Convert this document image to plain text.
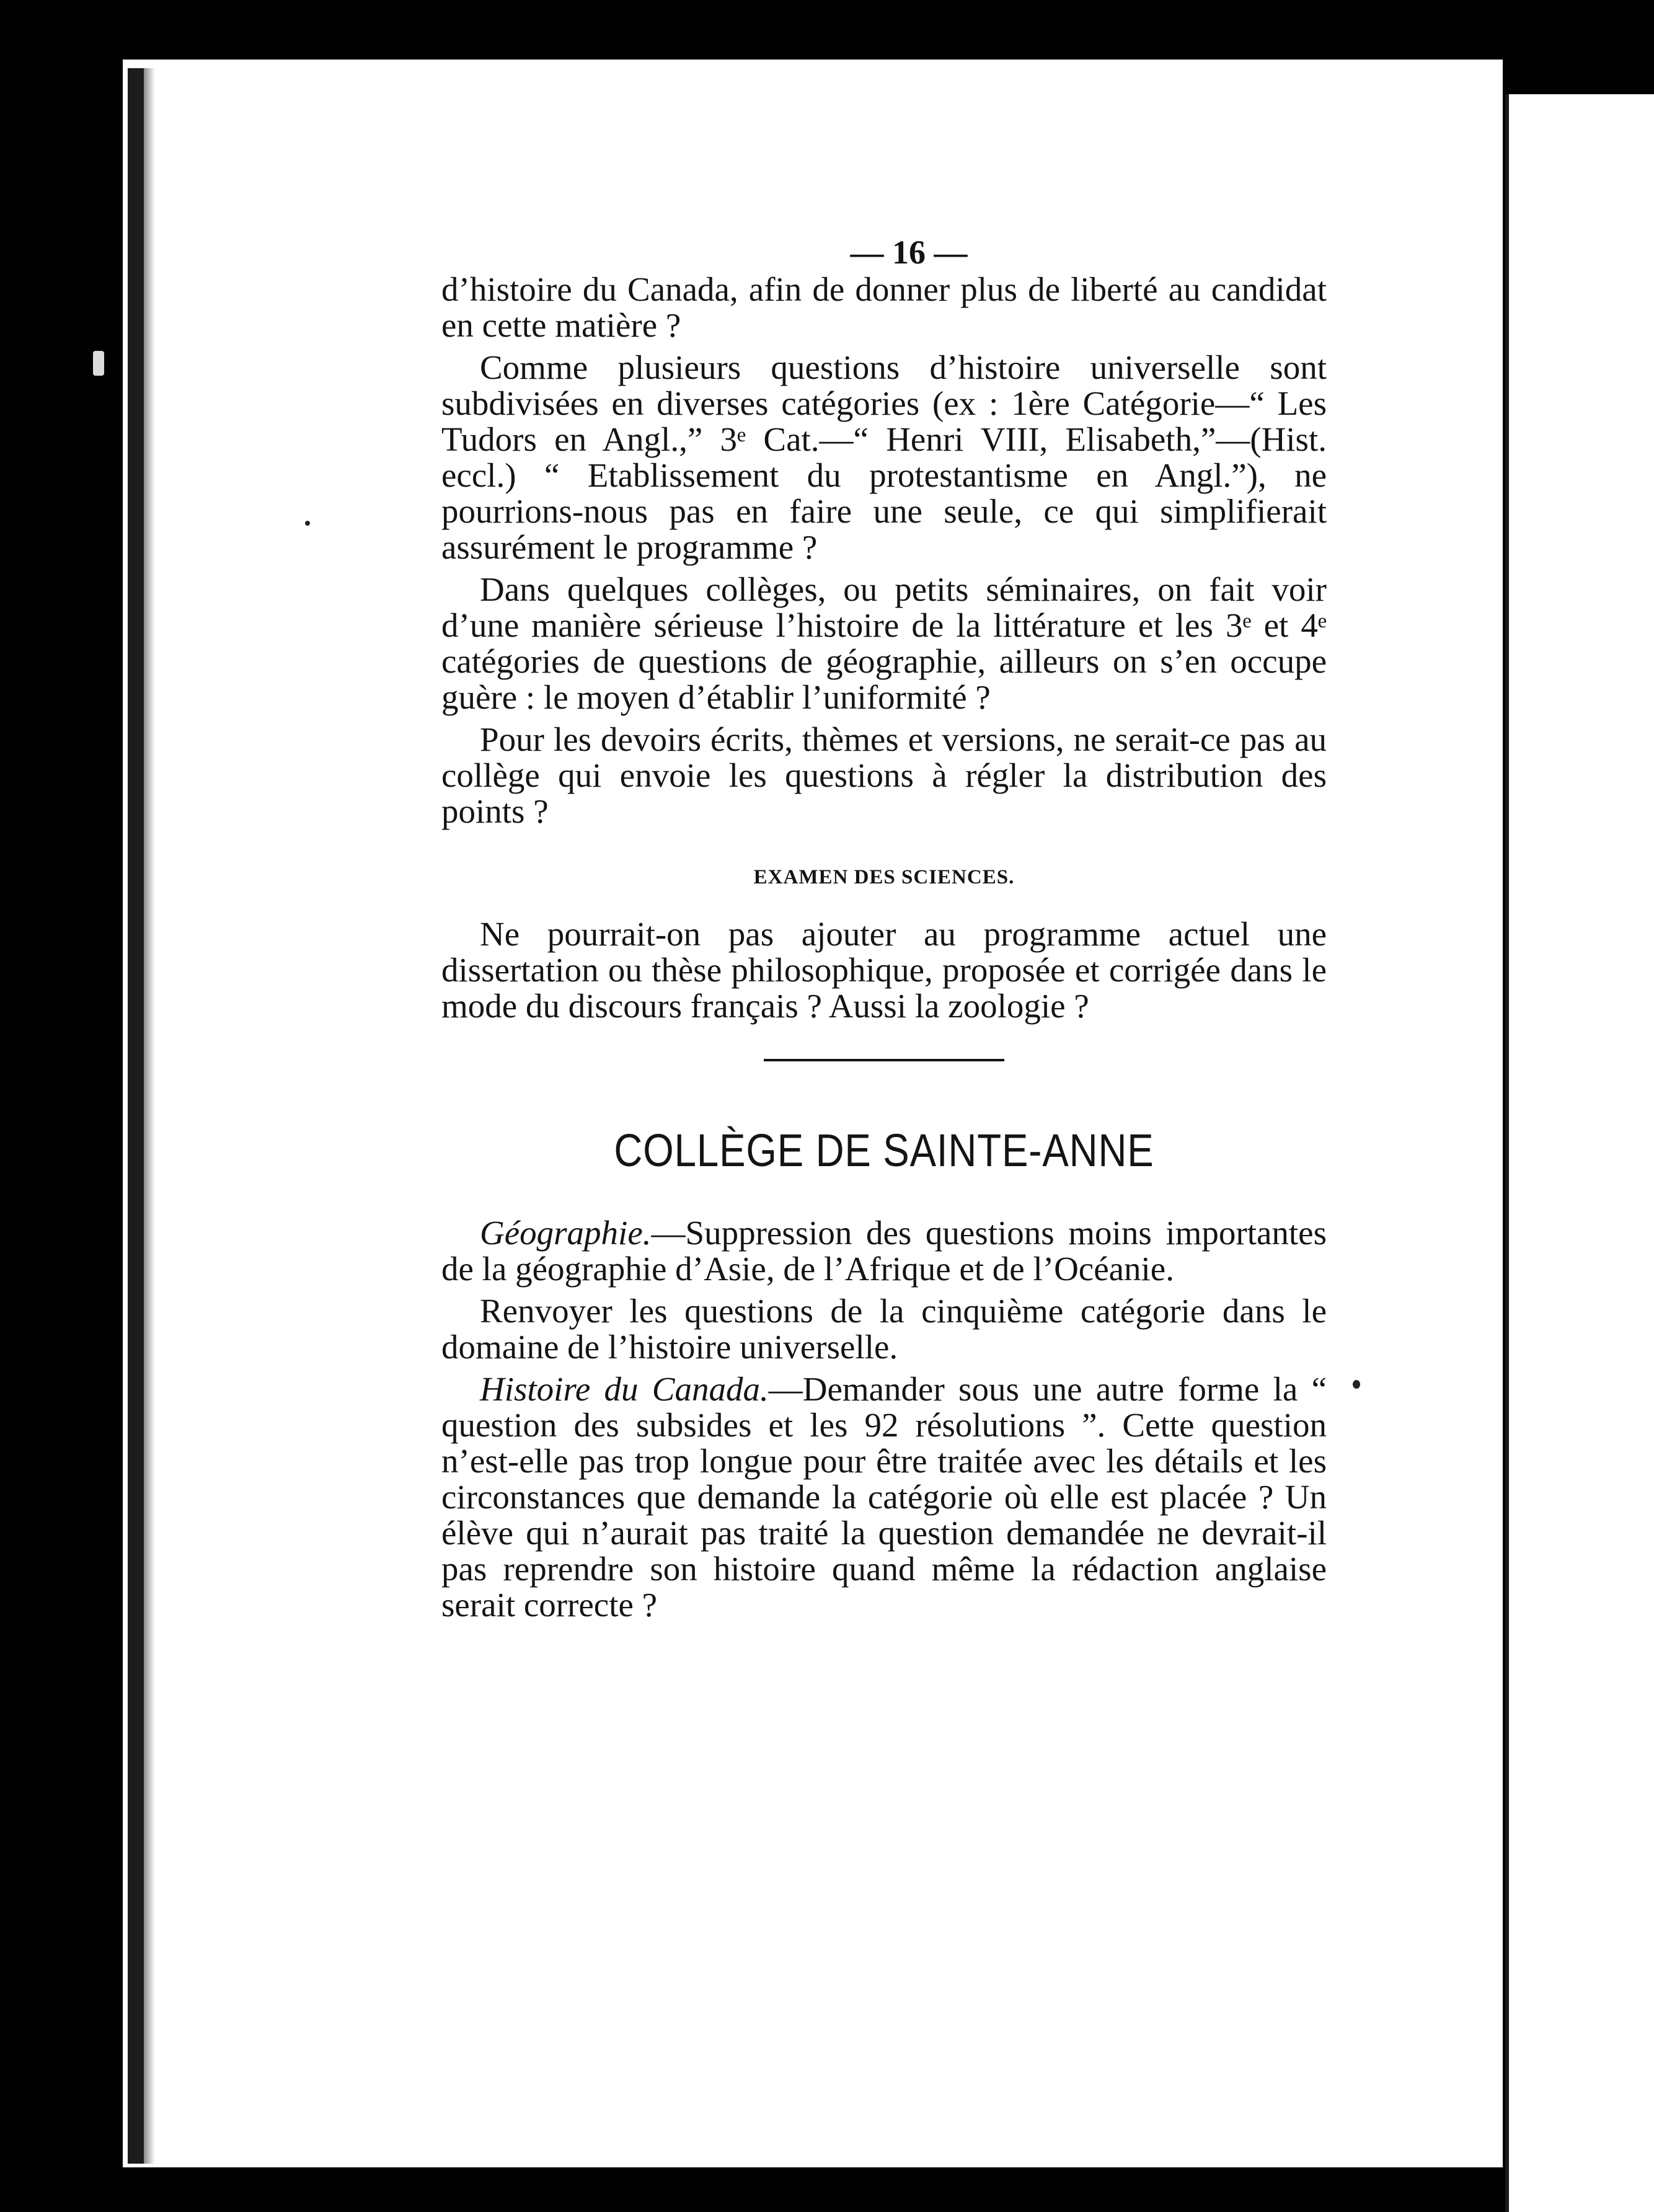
— 16 —

d’histoire du Canada, afin de donner plus de liberté au candidat en cette matière ?

Comme plusieurs questions d’histoire universelle sont subdivisées en diverses catégories (ex : 1ère Catégorie—“ Les Tudors en Angl.,” 3ᵉ Cat.—“ Henri VIII, Elisabeth,”—(Hist. eccl.) “ Etablissement du protestantisme en Angl.”), ne pourrions-nous pas en faire une seule, ce qui simplifierait assurément le programme ?

Dans quelques collèges, ou petits séminaires, on fait voir d’une manière sérieuse l’histoire de la littérature et les 3ᵉ et 4ᵉ catégories de questions de géographie, ailleurs on s’en occupe guère : le moyen d’établir l’uniformité ?

Pour les devoirs écrits, thèmes et versions, ne serait-ce pas au collège qui envoie les questions à régler la distribution des points ?

EXAMEN DES SCIENCES.

Ne pourrait-on pas ajouter au programme actuel une dissertation ou thèse philosophique, proposée et corrigée dans le mode du discours français ? Aussi la zoologie ?

COLLÈGE DE SAINTE-ANNE

Géographie.—Suppression des questions moins importantes de la géographie d’Asie, de l’Afrique et de l’Océanie.

Renvoyer les questions de la cinquième catégorie dans le domaine de l’histoire universelle.

Histoire du Canada.—Demander sous une autre forme la “ question des subsides et les 92 résolutions ”. Cette question n’est-elle pas trop longue pour être traitée avec les détails et les circonstances que demande la catégorie où elle est placée ? Un élève qui n’aurait pas traité la question demandée ne devrait-il pas reprendre son histoire quand même la rédaction anglaise serait correcte ?
